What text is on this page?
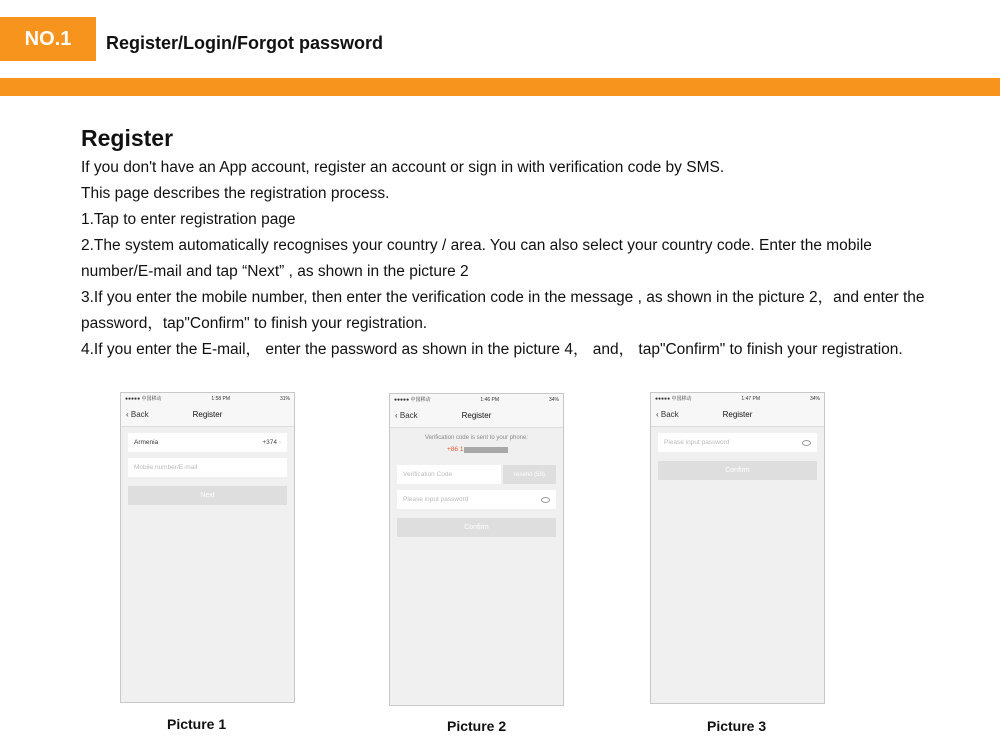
NO.1	Register/Login/Forgot password
Register

If you don't have an App account, register an account or sign in with verification code by SMS.

This page describes the registration process.

1.Tap to enter registration page

2.The system automatically recognises your country / area. You can also select your country code. Enter the mobile number/E-mail and tap “Next” , as shown in the picture 2

3.If you enter the mobile number, then enter the verification code in the message , as shown in the picture 2，and enter the password，tap"Confirm" to finish your registration.

4.If you enter the E-mail， enter the password as shown in the picture 4， and， tap"Confirm" to finish your registration.

●●●●● 中国移动	1:58 PM	31%
‹ Back	Register
Armenia	+374 ›
Mobile number/E-mail
Next
Picture 1
●●●●● 中国移动	1:46 PM	34%
‹ Back	Register
Verification code is sent to your phone:
+86 1
Verification Code	resend (59)
Please input password
Confirm
Picture 2
●●●●● 中国移动	1:47 PM	34%
‹ Back	Register
Please input password
Confirm
Picture 3
